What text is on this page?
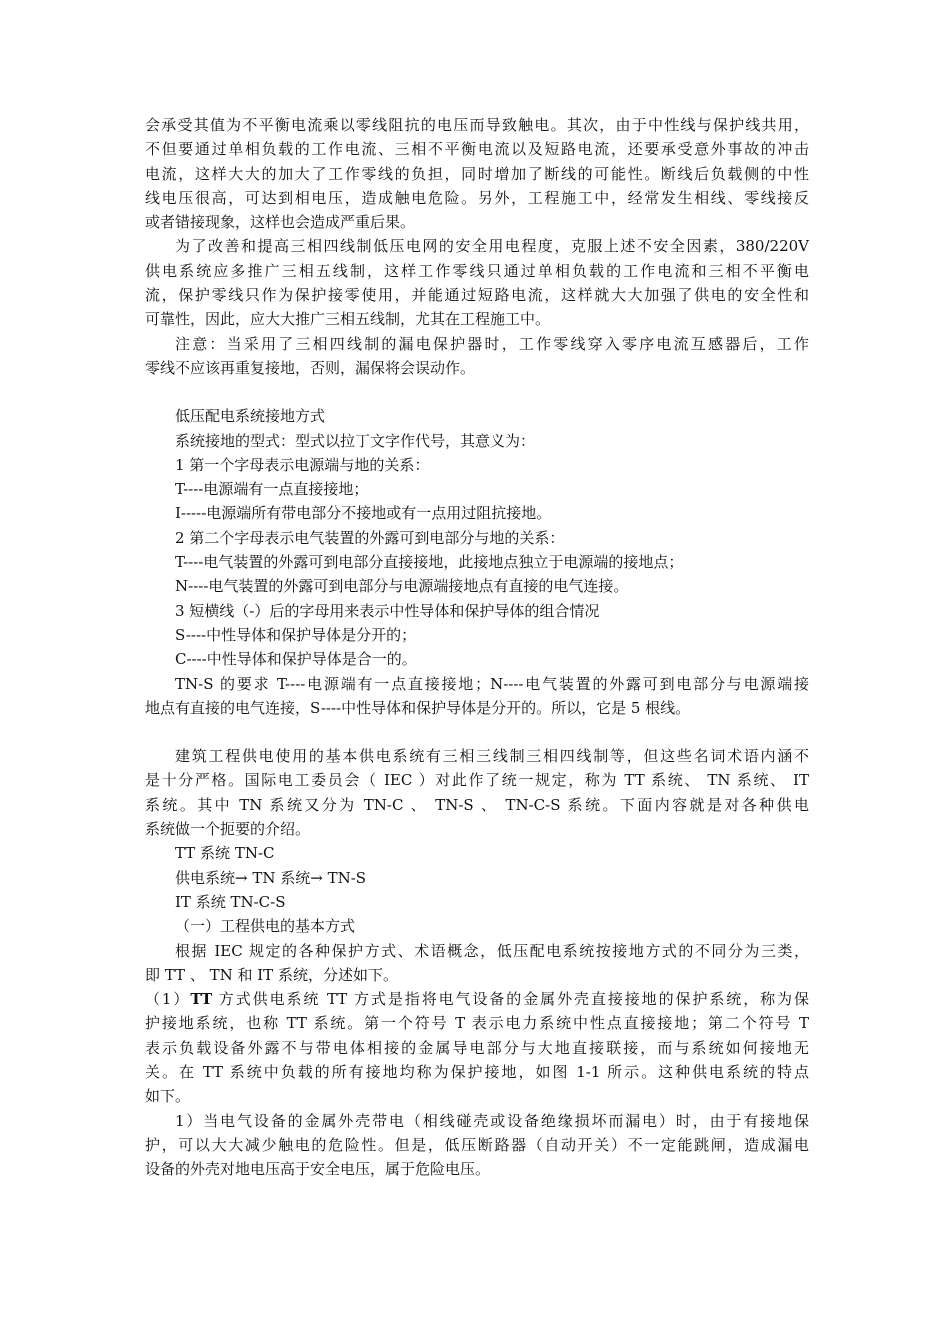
会承受其值为不平衡电流乘以零线阻抗的电压而导致触电。其次，由于中性线与保护线共用，

不但要通过单相负载的工作电流、三相不平衡电流以及短路电流，还要承受意外事故的冲击

电流，这样大大的加大了工作零线的负担，同时增加了断线的可能性。断线后负载侧的中性

线电压很高，可达到相电压，造成触电危险。另外，工程施工中，经常发生相线、零线接反

或者错接现象，这样也会造成严重后果。

为了改善和提高三相四线制低压电网的安全用电程度，克服上述不安全因素，380/220V

供电系统应多推广三相五线制，这样工作零线只通过单相负载的工作电流和三相不平衡电

流，保护零线只作为保护接零使用，并能通过短路电流，这样就大大加强了供电的安全性和

可靠性，因此，应大大推广三相五线制，尤其在工程施工中。

注意：当采用了三相四线制的漏电保护器时，工作零线穿入零序电流互感器后，工作

零线不应该再重复接地，否则，漏保将会误动作。

低压配电系统接地方式

系统接地的型式：型式以拉丁文字作代号，其意义为：

1 第一个字母表示电源端与地的关系：

T----电源端有一点直接接地；

I-----电源端所有带电部分不接地或有一点用过阻抗接地。

2 第二个字母表示电气装置的外露可到电部分与地的关系：

T----电气装置的外露可到电部分直接接地，此接地点独立于电源端的接地点；

N----电气装置的外露可到电部分与电源端接地点有直接的电气连接。

3 短横线（-）后的字母用来表示中性导体和保护导体的组合情况

S----中性导体和保护导体是分开的；

C----中性导体和保护导体是合一的。

TN-S 的要求 T----电源端有一点直接接地；N----电气装置的外露可到电部分与电源端接

地点有直接的电气连接，S----中性导体和保护导体是分开的。所以，它是 5 根线。

建筑工程供电使用的基本供电系统有三相三线制三相四线制等，但这些名词术语内涵不

是十分严格。国际电工委员会（ IEC ）对此作了统一规定，称为 TT 系统、 TN 系统、 IT

系统。其中 TN 系统又分为 TN-C 、 TN-S 、 TN-C-S 系统。下面内容就是对各种供电

系统做一个扼要的介绍。

TT 系统 TN-C

供电系统→ TN 系统→ TN-S

IT 系统 TN-C-S

（一）工程供电的基本方式

根据 IEC 规定的各种保护方式、术语概念，低压配电系统按接地方式的不同分为三类，

即 TT 、 TN 和 IT 系统，分述如下。

（1）TT 方式供电系统 TT 方式是指将电气设备的金属外壳直接接地的保护系统，称为保

护接地系统，也称 TT 系统。第一个符号 T 表示电力系统中性点直接接地；第二个符号 T

表示负载设备外露不与带电体相接的金属导电部分与大地直接联接，而与系统如何接地无

关。在 TT 系统中负载的所有接地均称为保护接地，如图 1-1 所示。这种供电系统的特点

如下。

1）当电气设备的金属外壳带电（相线碰壳或设备绝缘损坏而漏电）时，由于有接地保

护，可以大大减少触电的危险性。但是，低压断路器（自动开关）不一定能跳闸，造成漏电

设备的外壳对地电压高于安全电压，属于危险电压。
